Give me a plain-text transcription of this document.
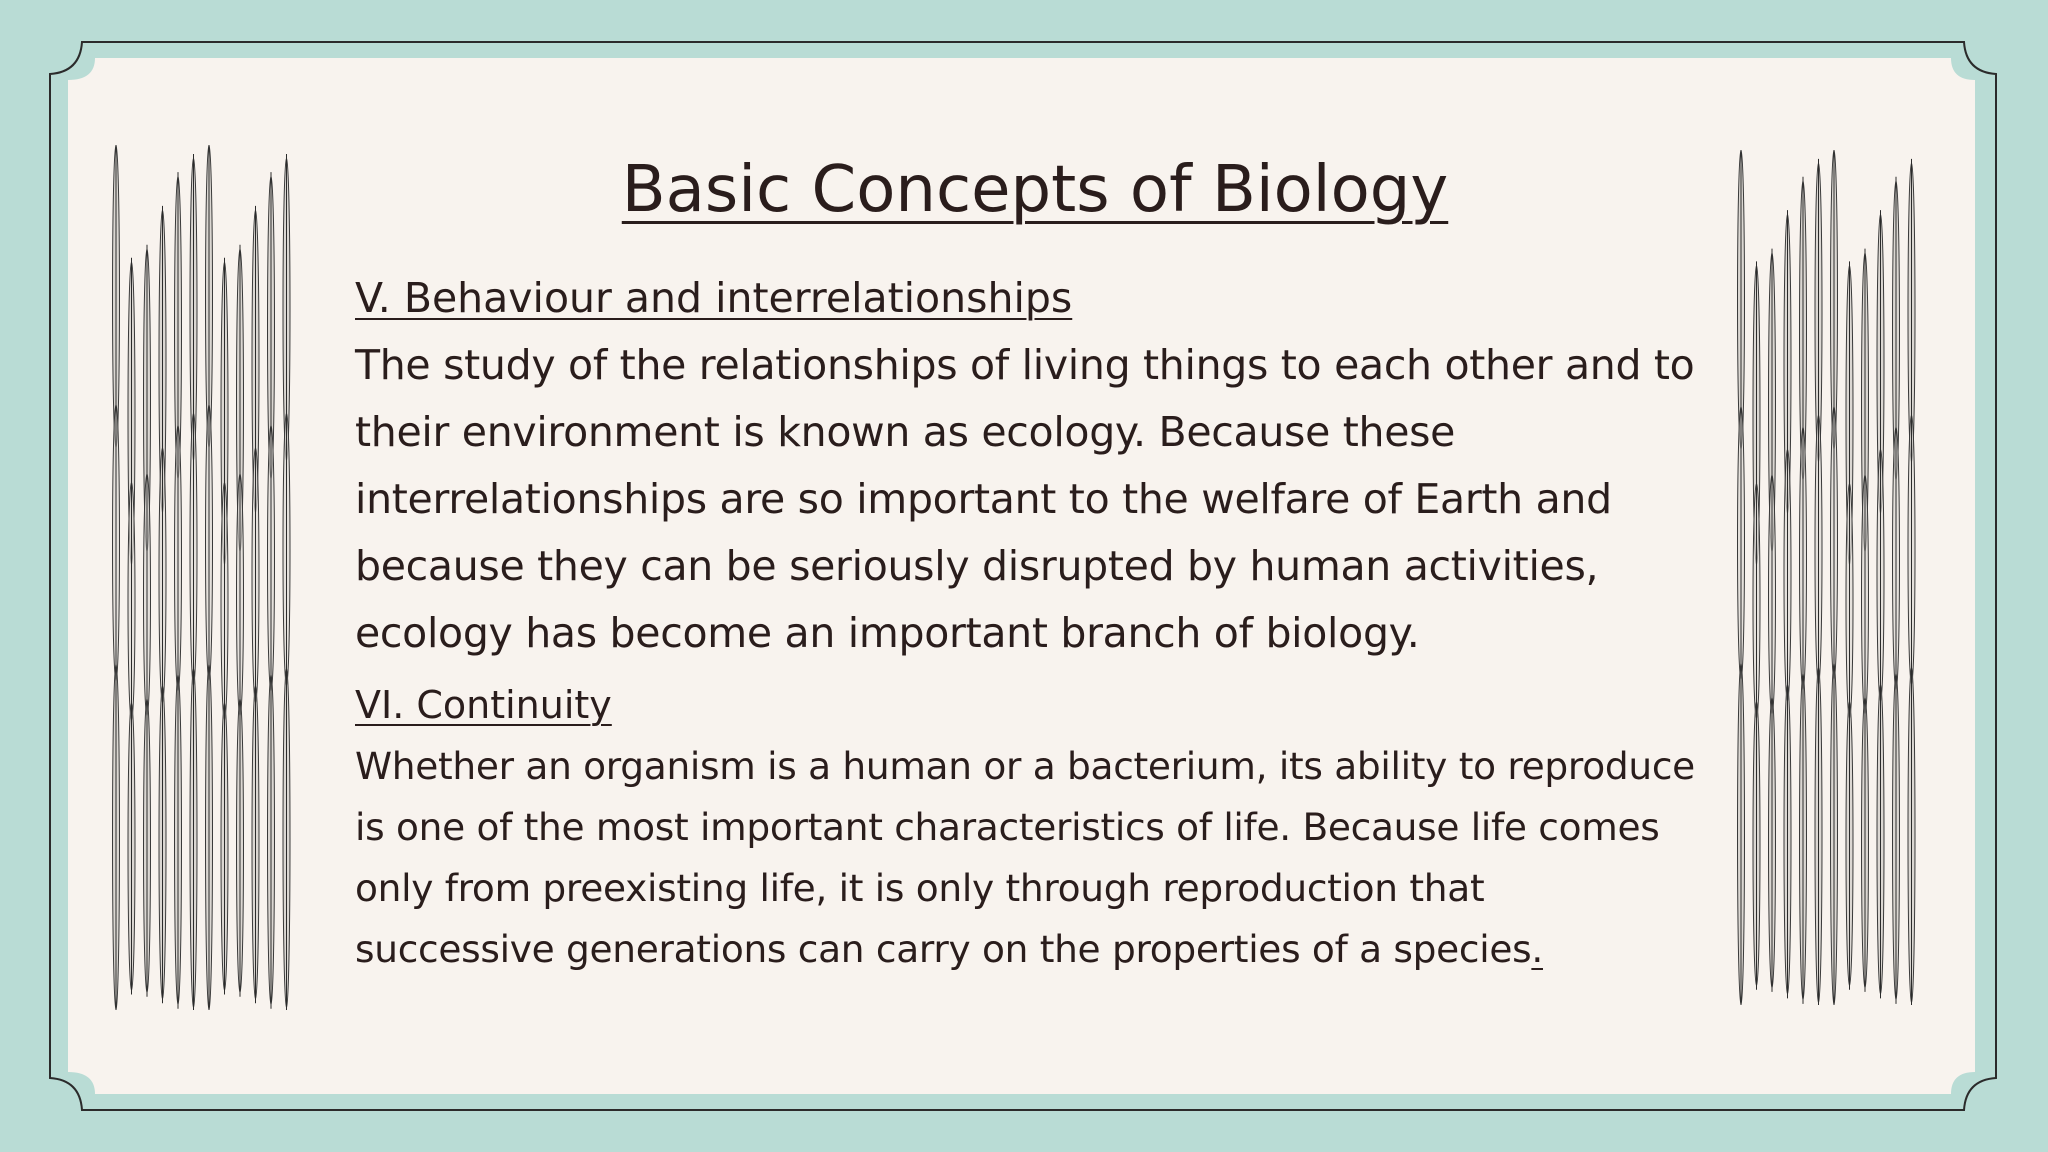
Basic Concepts of Biology
V. Behaviour and interrelationships

The study of the relationships of living things to each other and to their environment is known as ecology. Because these interrelationships are so important to the welfare of Earth and because they can be seriously disrupted by human activities, ecology has become an important branch of biology.

VI. Continuity

Whether an organism is a human or a bacterium, its ability to reproduce is one of the most important characteristics of life. Because life comes only from preexisting life, it is only through reproduction that successive generations can carry on the properties of a species.
